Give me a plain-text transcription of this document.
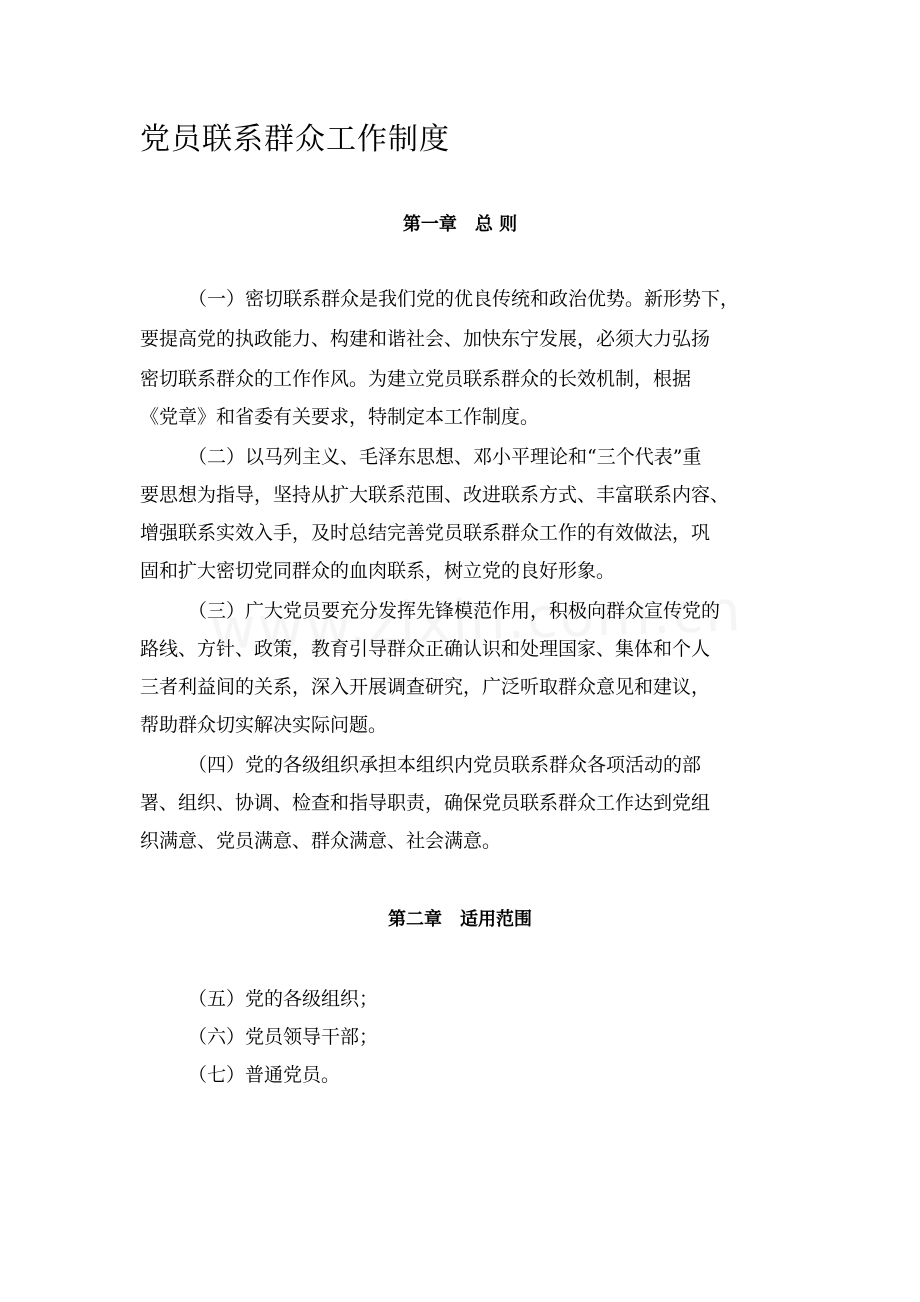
党员联系群众工作制度
第一章　总 则
（一）密切联系群众是我们党的优良传统和政治优势。新形势下，
要提高党的执政能力、构建和谐社会、加快东宁发展，必须大力弘扬
密切联系群众的工作作风。为建立党员联系群众的长效机制，根据
《党章》和省委有关要求，特制定本工作制度。
（二）以马列主义、毛泽东思想、邓小平理论和“三个代表”重
要思想为指导，坚持从扩大联系范围、改进联系方式、丰富联系内容、
增强联系实效入手，及时总结完善党员联系群众工作的有效做法，巩
固和扩大密切党同群众的血肉联系，树立党的良好形象。
（三）广大党员要充分发挥先锋模范作用，积极向群众宣传党的
路线、方针、政策，教育引导群众正确认识和处理国家、集体和个人
三者利益间的关系，深入开展调查研究，广泛听取群众意见和建议，
帮助群众切实解决实际问题。
（四）党的各级组织承担本组织内党员联系群众各项活动的部
署、组织、协调、检查和指导职责，确保党员联系群众工作达到党组
织满意、党员满意、群众满意、社会满意。
第二章　适用范围
（五）党的各级组织；
（六）党员领导干部；
（七）普通党员。
